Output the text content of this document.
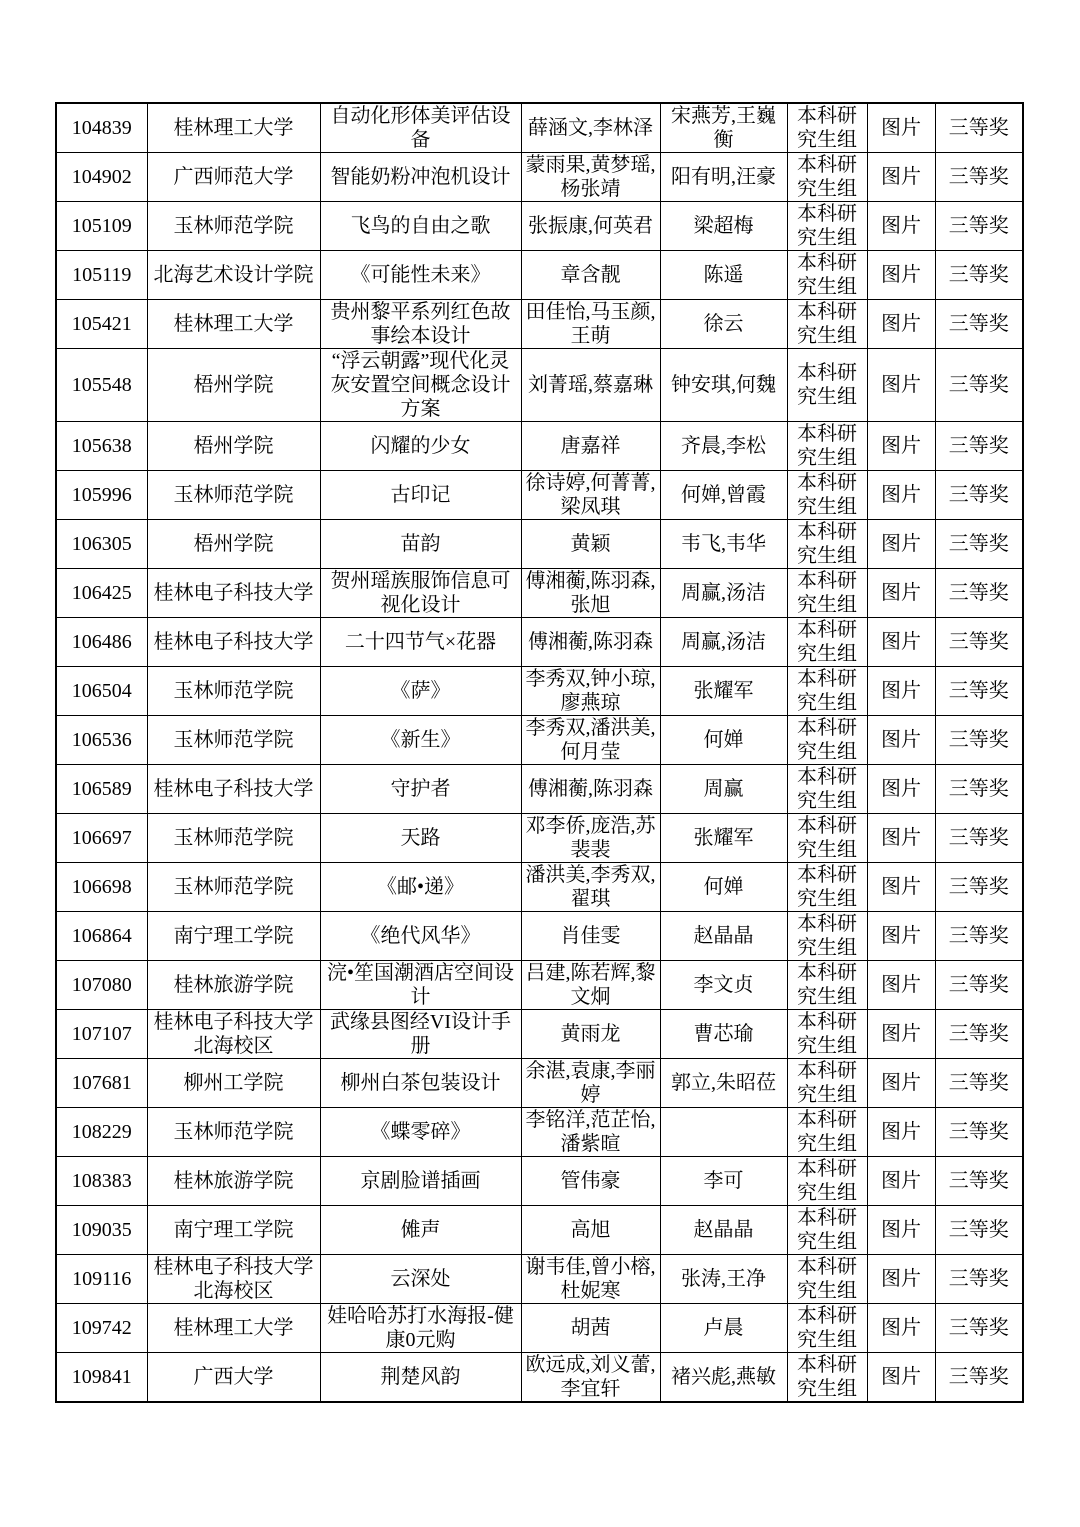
104839	桂林理工大学	自动化形体美评估设备	薛涵文,李林泽	宋燕芳,王巍衡	本科研究生组	图片	三等奖
104902	广西师范大学	智能奶粉冲泡机设计	蒙雨果,黄梦瑶,杨张靖	阳有明,汪豪	本科研究生组	图片	三等奖
105109	玉林师范学院	飞鸟的自由之歌	张振康,何英君	梁超梅	本科研究生组	图片	三等奖
105119	北海艺术设计学院	《可能性未来》	章含靓	陈遥	本科研究生组	图片	三等奖
105421	桂林理工大学	贵州黎平系列红色故事绘本设计	田佳怡,马玉颜,王萌	徐云	本科研究生组	图片	三等奖
105548	梧州学院	“浮云朝露”现代化灵灰安置空间概念设计方案	刘菁瑶,蔡嘉琳	钟安琪,何魏	本科研究生组	图片	三等奖
105638	梧州学院	闪耀的少女	唐嘉祥	齐晨,李松	本科研究生组	图片	三等奖
105996	玉林师范学院	古印记	徐诗婷,何菁菁,梁凤琪	何婵,曾霞	本科研究生组	图片	三等奖
106305	梧州学院	苗韵	黄颖	韦飞,韦华	本科研究生组	图片	三等奖
106425	桂林电子科技大学	贺州瑶族服饰信息可视化设计	傅湘蘅,陈羽森,张旭	周赢,汤洁	本科研究生组	图片	三等奖
106486	桂林电子科技大学	二十四节气×花器	傅湘蘅,陈羽森	周赢,汤洁	本科研究生组	图片	三等奖
106504	玉林师范学院	《萨》	李秀双,钟小琼,廖燕琼	张耀军	本科研究生组	图片	三等奖
106536	玉林师范学院	《新生》	李秀双,潘洪美,何月莹	何婵	本科研究生组	图片	三等奖
106589	桂林电子科技大学	守护者	傅湘蘅,陈羽森	周赢	本科研究生组	图片	三等奖
106697	玉林师范学院	天路	邓李侨,庞浩,苏裴裴	张耀军	本科研究生组	图片	三等奖
106698	玉林师范学院	《邮•递》	潘洪美,李秀双,翟琪	何婵	本科研究生组	图片	三等奖
106864	南宁理工学院	《绝代风华》	肖佳雯	赵晶晶	本科研究生组	图片	三等奖
107080	桂林旅游学院	浣•笙国潮酒店空间设计	吕建,陈若辉,黎文炯	李文贞	本科研究生组	图片	三等奖
107107	桂林电子科技大学北海校区	武缘县图经VI设计手册	黄雨龙	曹芯瑜	本科研究生组	图片	三等奖
107681	柳州工学院	柳州白茶包装设计	余湛,袁康,李丽婷	郭立,朱昭莅	本科研究生组	图片	三等奖
108229	玉林师范学院	《蝶零碎》	李铭洋,范芷怡,潘紫暄		本科研究生组	图片	三等奖
108383	桂林旅游学院	京剧脸谱插画	管伟豪	李可	本科研究生组	图片	三等奖
109035	南宁理工学院	傩声	高旭	赵晶晶	本科研究生组	图片	三等奖
109116	桂林电子科技大学北海校区	云深处	谢韦佳,曾小榕,杜妮寒	张涛,王净	本科研究生组	图片	三等奖
109742	桂林理工大学	娃哈哈苏打水海报-健康0元购	胡茜	卢晨	本科研究生组	图片	三等奖
109841	广西大学	荆楚风韵	欧远成,刘义蕾,李宜轩	褚兴彪,燕敏	本科研究生组	图片	三等奖
